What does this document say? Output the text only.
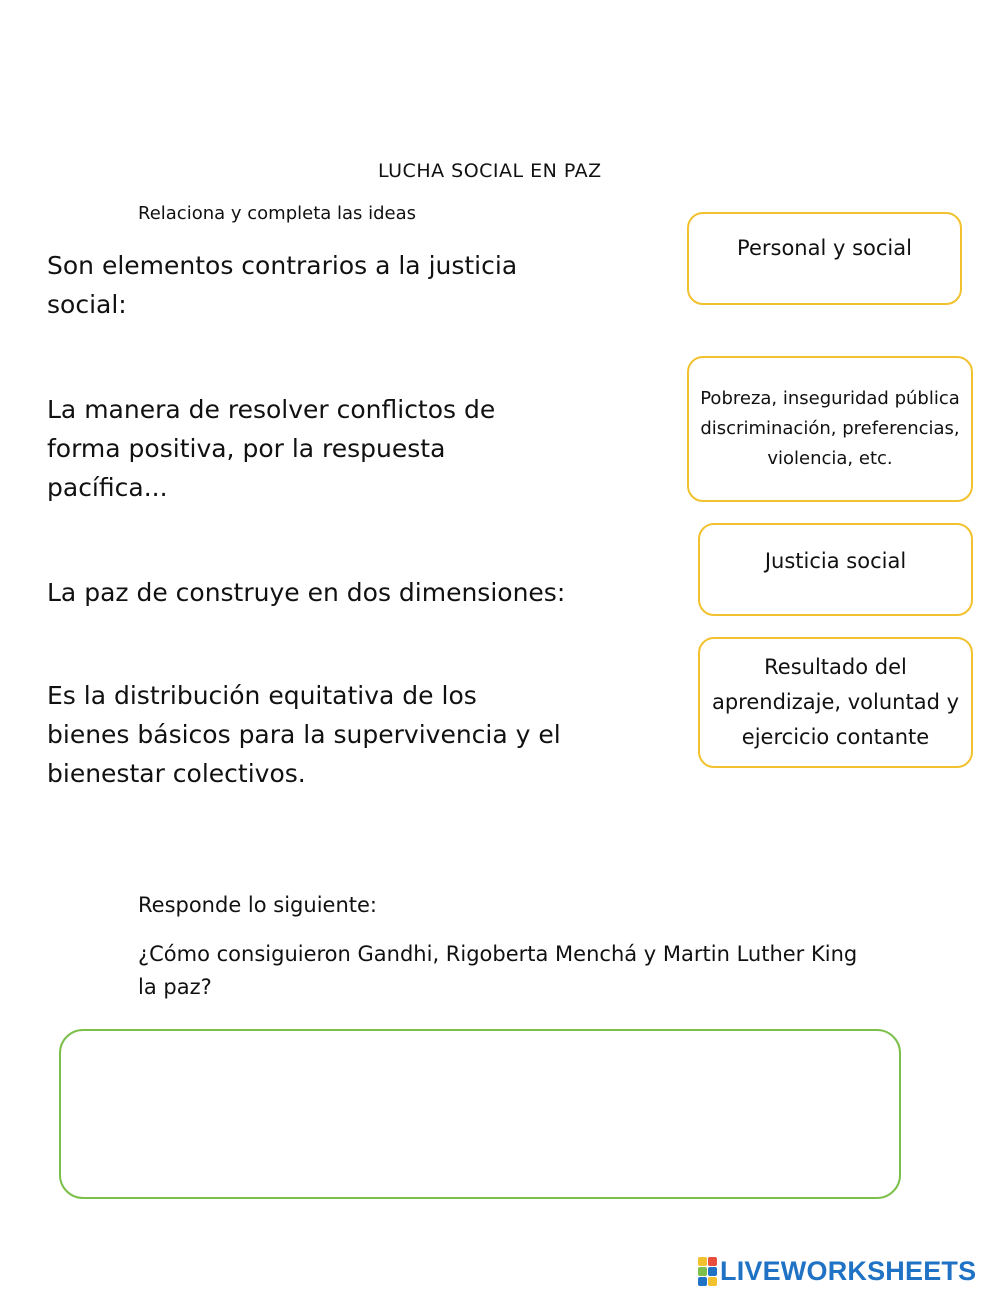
LUCHA SOCIAL EN PAZ
Relaciona y completa las ideas
Son elementos contrarios a la justicia social:
La manera de resolver conflictos de forma positiva, por la respuesta pacífica...
La paz de construye en dos dimensiones:
Es la distribución equitativa de los bienes básicos para la supervivencia y el bienestar colectivos.
Personal y social
Pobreza, inseguridad pública discriminación, preferencias, violencia, etc.
Justicia social
Resultado del aprendizaje, voluntad y ejercicio contante
Responde lo siguiente:
¿Cómo consiguieron Gandhi, Rigoberta Menchá y Martin Luther King la paz?
LIVEWORKSHEETS
